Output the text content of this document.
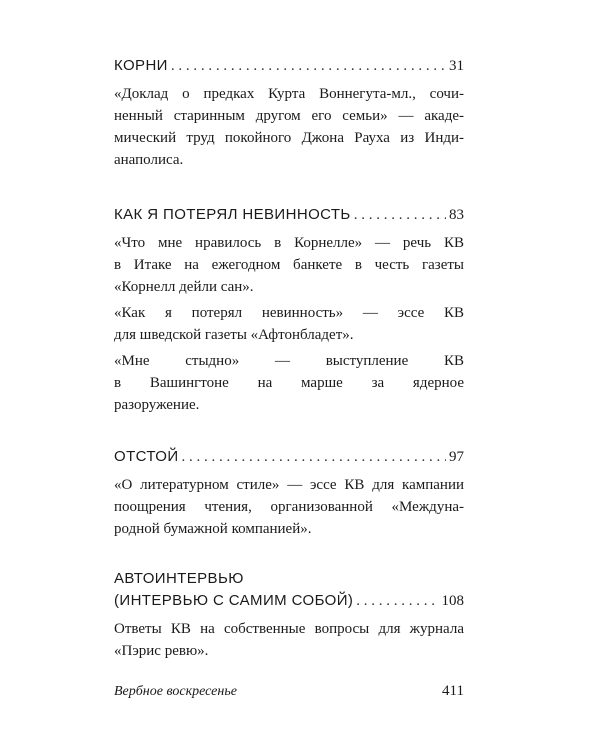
КОРНИ . . .	31

«Доклад о предках Курта Воннегута-мл., сочи-
ненный старинным другом его семьи» — акаде-
мический труд покойного Джона Рауха из Инди-
анаполиса.

КАК Я ПОТЕРЯЛ НЕВИННОСТЬ . . .	83

«Что мне нравилось в Корнелле» — речь КВ
в Итаке на ежегодном банкете в честь газеты
«Корнелл дейли сан».

«Как я потерял невинность» — эссе КВ
для шведской газеты «Афтонбладет».

«Мне стыдно» — выступление КВ
в Вашингтоне на марше за ядерное
разоружение.

ОТСТОЙ . . .	97

«О литературном стиле» — эссе КВ для кампании
поощрения чтения, организованной «Междуна-
родной бумажной компанией».

АВТОИНТЕРВЬЮ
(ИНТЕРВЬЮ С САМИМ СОБОЙ) . . .	108

Ответы КВ на собственные вопросы для журнала
«Пэрис ревю».

Вербное воскресенье	411
